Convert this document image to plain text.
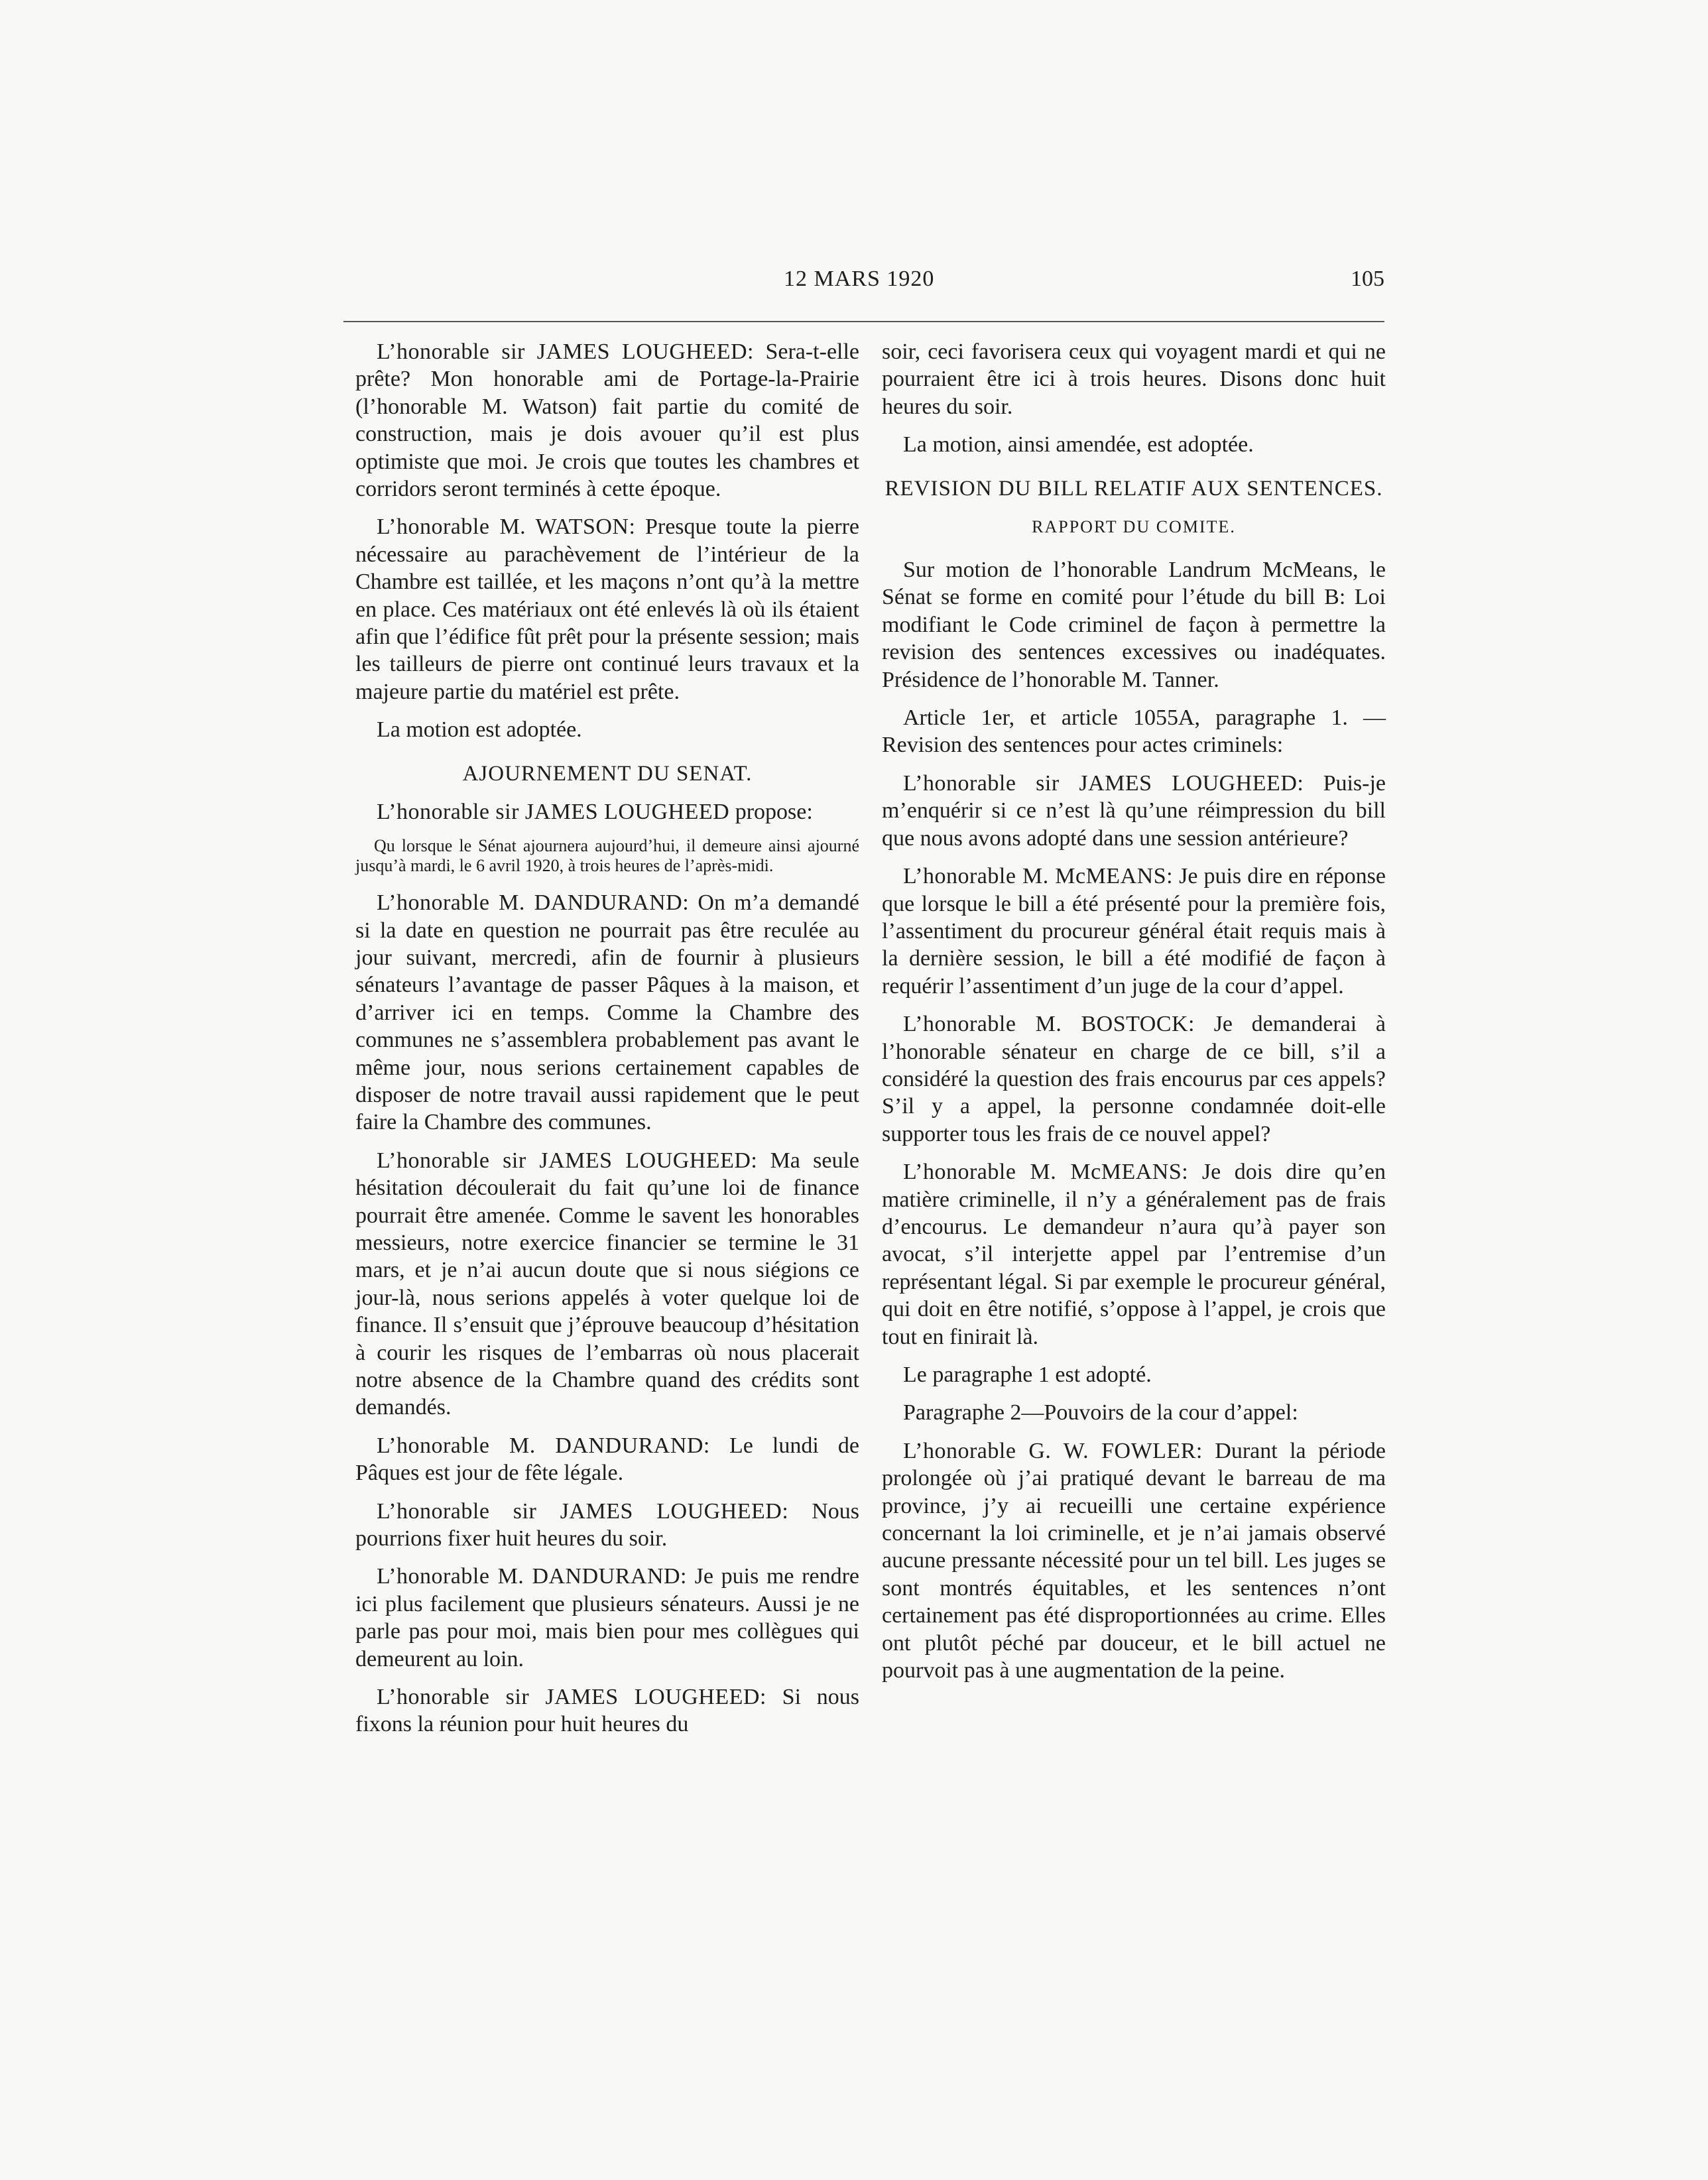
12 MARS 1920	105

L’honorable sir JAMES LOUGHEED: Sera-t-elle prête? Mon honorable ami de Portage-la-Prairie (l’honorable M. Watson) fait partie du comité de construction, mais je dois avouer qu’il est plus optimiste que moi. Je crois que toutes les chambres et corridors seront terminés à cette époque.

L’honorable M. WATSON: Presque toute la pierre nécessaire au parachèvement de l’intérieur de la Chambre est taillée, et les maçons n’ont qu’à la mettre en place. Ces matériaux ont été enlevés là où ils étaient afin que l’édifice fût prêt pour la présente session; mais les tailleurs de pierre ont continué leurs travaux et la majeure partie du matériel est prête.

La motion est adoptée.

AJOURNEMENT DU SENAT.

L’honorable sir JAMES LOUGHEED propose:

Qu lorsque le Sénat ajournera aujourd’hui, il demeure ainsi ajourné jusqu’à mardi, le 6 avril 1920, à trois heures de l’après-midi.

L’honorable M. DANDURAND: On m’a demandé si la date en question ne pourrait pas être reculée au jour suivant, mercredi, afin de fournir à plusieurs sénateurs l’avantage de passer Pâques à la maison, et d’arriver ici en temps. Comme la Chambre des communes ne s’assemblera probablement pas avant le même jour, nous serions certainement capables de disposer de notre travail aussi rapidement que le peut faire la Chambre des communes.

L’honorable sir JAMES LOUGHEED: Ma seule hésitation découlerait du fait qu’une loi de finance pourrait être amenée. Comme le savent les honorables messieurs, notre exercice financier se termine le 31 mars, et je n’ai aucun doute que si nous siégions ce jour-là, nous serions appelés à voter quelque loi de finance. Il s’ensuit que j’éprouve beaucoup d’hésitation à courir les risques de l’embarras où nous placerait notre absence de la Chambre quand des crédits sont demandés.

L’honorable M. DANDURAND: Le lundi de Pâques est jour de fête légale.

L’honorable sir JAMES LOUGHEED: Nous pourrions fixer huit heures du soir.

L’honorable M. DANDURAND: Je puis me rendre ici plus facilement que plusieurs sénateurs. Aussi je ne parle pas pour moi, mais bien pour mes collègues qui demeurent au loin.

L’honorable sir JAMES LOUGHEED: Si nous fixons la réunion pour huit heures du

soir, ceci favorisera ceux qui voyagent mardi et qui ne pourraient être ici à trois heures. Disons donc huit heures du soir.

La motion, ainsi amendée, est adoptée.

REVISION DU BILL RELATIF AUX SENTENCES.
RAPPORT DU COMITE.

Sur motion de l’honorable Landrum McMeans, le Sénat se forme en comité pour l’étude du bill B: Loi modifiant le Code criminel de façon à permettre la revision des sentences excessives ou inadéquates. Présidence de l’honorable M. Tanner.

Article 1er, et article 1055A, paragraphe 1. — Revision des sentences pour actes criminels:

L’honorable sir JAMES LOUGHEED: Puis-je m’enquérir si ce n’est là qu’une réimpression du bill que nous avons adopté dans une session antérieure?

L’honorable M. McMEANS: Je puis dire en réponse que lorsque le bill a été présenté pour la première fois, l’assentiment du procureur général était requis mais à la dernière session, le bill a été modifié de façon à requérir l’assentiment d’un juge de la cour d’appel.

L’honorable M. BOSTOCK: Je demanderai à l’honorable sénateur en charge de ce bill, s’il a considéré la question des frais encourus par ces appels? S’il y a appel, la personne condamnée doit-elle supporter tous les frais de ce nouvel appel?

L’honorable M. McMEANS: Je dois dire qu’en matière criminelle, il n’y a généralement pas de frais d’encourus. Le demandeur n’aura qu’à payer son avocat, s’il interjette appel par l’entremise d’un représentant légal. Si par exemple le procureur général, qui doit en être notifié, s’oppose à l’appel, je crois que tout en finirait là.

Le paragraphe 1 est adopté.

Paragraphe 2—Pouvoirs de la cour d’appel:

L’honorable G. W. FOWLER: Durant la période prolongée où j’ai pratiqué devant le barreau de ma province, j’y ai recueilli une certaine expérience concernant la loi criminelle, et je n’ai jamais observé aucune pressante nécessité pour un tel bill. Les juges se sont montrés équitables, et les sentences n’ont certainement pas été disproportionnées au crime. Elles ont plutôt péché par douceur, et le bill actuel ne pourvoit pas à une augmentation de la peine.
